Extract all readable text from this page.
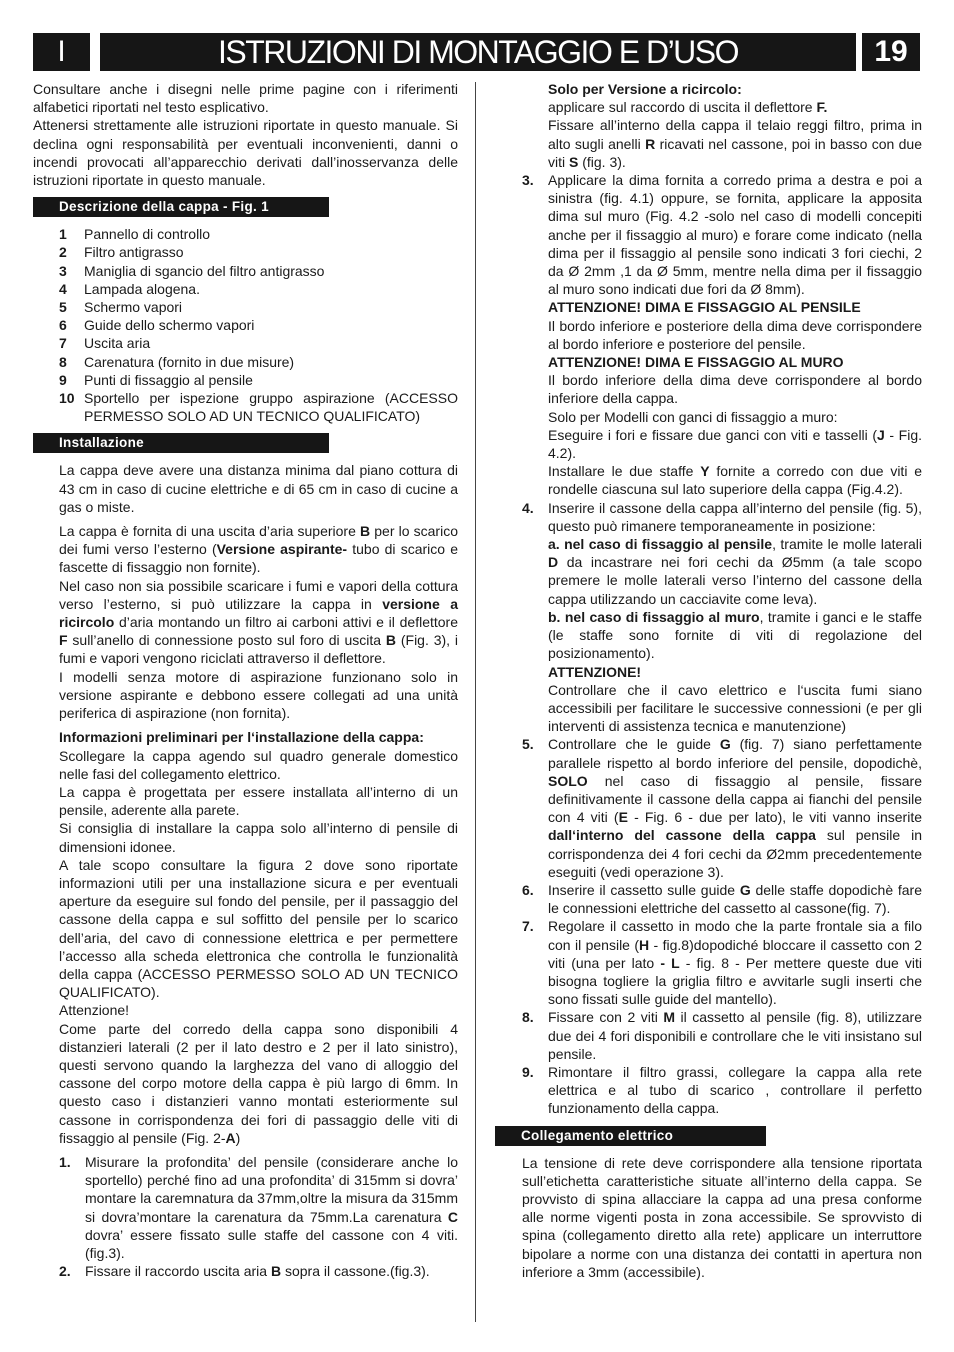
I	ISTRUZIONI DI MONTAGGIO E D’USO	19

Consultare anche i disegni nelle prime pagine con i riferimenti alfabetici riportati nel testo esplicativo.

Attenersi strettamente alle istruzioni riportate in questo manuale. Si declina ogni responsabilità per eventuali inconvenienti, danni o incendi provocati all’apparecchio derivati dall’inosservanza delle istruzioni riportate in questo manuale.

Descrizione della cappa - Fig. 1
1 Pannello di controllo
2 Filtro antigrasso
3 Maniglia di sgancio del filtro antigrasso
4 Lampada alogena.
5 Schermo vapori
6 Guide dello schermo vapori
7 Uscita aria
8 Carenatura (fornito in due misure)
9 Punti di fissaggio al pensile
10 Sportello per ispezione gruppo aspirazione (ACCESSO PERMESSO SOLO AD UN TECNICO QUALIFICATO)
Installazione

La cappa deve avere una distanza minima dal piano cottura di 43 cm in caso di cucine elettriche e di 65 cm in caso di cucine a gas o miste.

La cappa è fornita di una uscita d’aria superiore B per lo scarico dei fumi verso l’esterno (Versione aspirante- tubo di scarico e fascette di fissaggio non fornite).

Nel caso non sia possibile scaricare i fumi e vapori della cottura verso l’esterno, si può utilizzare la cappa in versione a ricircolo d’aria montando un filtro ai carboni attivi e il deflettore F sull’anello di connessione posto sul foro di uscita B (Fig. 3), i fumi e vapori vengono riciclati attraverso il deflettore.

I modelli senza motore di aspirazione funzionano solo in versione aspirante e debbono essere collegati ad una unità periferica di aspirazione (non fornita).

Informazioni preliminari per l‘installazione della cappa:

Scollegare la cappa agendo sul quadro generale domestico nelle fasi del collegamento elettrico.

La cappa è progettata per essere installata all’interno di un pensile, aderente alla parete.

Si consiglia di installare la cappa solo all’interno di pensile di dimensioni idonee.

A tale scopo consultare la figura 2 dove sono riportate informazioni utili per una installazione sicura e per eventuali aperture da eseguire sul fondo del pensile, per il passaggio del cassone della cappa e sul soffitto del pensile per lo scarico dell’aria, del cavo di connessione elettrica e per permettere l’accesso alla scheda elettronica che controlla le funzionalità della cappa (ACCESSO PERMESSO SOLO AD UN TECNICO QUALIFICATO).

Attenzione!

Come parte del corredo della cappa sono disponibili 4 distanzieri laterali (2 per il lato destro e 2 per il lato sinistro), questi servono quando la larghezza del vano di alloggio del cassone del corpo motore della cappa è più largo di 6mm. In questo caso i distanzieri vanno montati esteriormente sul cassone in corrispondenza dei fori di passaggio delle viti di fissaggio al pensile (Fig. 2-A)

1. Misurare la profondita’ del pensile (considerare anche lo sportello) perché fino ad una profondita’ di 315mm si dovra’ montare la caremnatura da 37mm,oltre la misura da 315mm si dovra’montare la carenatura da 75mm.La carenatura C dovra’ essere fissato sulle staffe del cassone con 4 viti.(fig.3).
2. Fissare il raccordo uscita aria B sopra il cassone.(fig.3).

Solo per Versione a ricircolo:

applicare sul raccordo di uscita il deflettore F.

Fissare all’interno della cappa il telaio reggi filtro, prima in alto sugli anelli R ricavati nel cassone, poi in basso con due viti S (fig. 3).

3. Applicare la dima fornita a corredo prima a destra e poi a sinistra (fig. 4.1) oppure, se fornita, applicare la apposita dima sul muro (Fig. 4.2 -solo nel caso di modelli concepiti anche per il fissaggio al muro) e forare come indicato (nella dima per il fissaggio al pensile sono indicati 3 fori ciechi, 2 da Ø 2mm ,1 da Ø 5mm, mentre nella dima per il fissaggio al muro sono indicati due fori da Ø 8mm).

ATTENZIONE! DIMA E FISSAGGIO AL PENSILE

Il bordo inferiore e posteriore della dima deve corrispondere al bordo inferiore e posteriore del pensile.

ATTENZIONE! DIMA E FISSAGGIO AL MURO

Il bordo inferiore della dima deve corrispondere al bordo inferiore della cappa.

Solo per Modelli con ganci di fissaggio a muro:

Eseguire i fori e fissare due ganci con viti e tasselli (J - Fig. 4.2).

Installare le due staffe Y fornite a corredo con due viti e rondelle ciascuna sul lato superiore della cappa (Fig.4.2).

4. Inserire il cassone della cappa all’interno del pensile (fig. 5), questo può rimanere temporaneamente in posizione:

a. nel caso di fissaggio al pensile, tramite le molle laterali D da incastrare nei fori cechi da Ø5mm (a tale scopo premere le molle laterali verso l’interno del cassone della cappa utilizzando un cacciavite come leva).

b. nel caso di fissaggio al muro, tramite i ganci e le staffe (le staffe sono fornite di viti di regolazione del posizionamento).

ATTENZIONE!

Controllare che il cavo elettrico e l‘uscita fumi siano accessibili per facilitare le successive connessioni (e per gli interventi di assistenza tecnica e manutenzione)

5. Controllare che le guide G (fig. 7) siano perfettamente parallele rispetto al bordo inferiore del pensile, dopodichè, SOLO nel caso di fissaggio al pensile, fissare definitivamente il cassone della cappa ai fianchi del pensile con 4 viti (E - Fig. 6 - due per lato), le viti vanno inserite dall‘interno del cassone della cappa sul pensile in corrispondenza dei 4 fori cechi da Ø2mm precedentemente eseguiti (vedi operazione 3).

6. Inserire il cassetto sulle guide G delle staffe dopodichè fare le connessioni elettriche del cassetto al cassone(fig. 7).

7. Regolare il cassetto in modo che la parte frontale sia a filo con il pensile (H - fig.8)dopodiché bloccare il cassetto con 2 viti (una per lato - L - fig. 8 - Per mettere queste due viti bisogna togliere la griglia filtro e avvitarle sugli inserti che sono fissati sulle guide del mantello).

8. Fissare con 2 viti M il cassetto al pensile (fig. 8), utilizzare due dei 4 fori disponibili e controllare che le viti insistano sul pensile.

9. Rimontare il filtro grassi, collegare la cappa alla rete elettrica e al tubo di scarico , controllare il perfetto funzionamento della cappa.

Collegamento elettrico

La tensione di rete deve corrispondere alla tensione riportata sull’etichetta caratteristiche situate all’interno della cappa. Se provvisto di spina allacciare la cappa ad una presa conforme alle norme vigenti posta in zona accessibile. Se sprovvisto di spina (collegamento diretto alla rete) applicare un interruttore bipolare a norme con una distanza dei contatti in apertura non inferiore a 3mm (accessibile).
